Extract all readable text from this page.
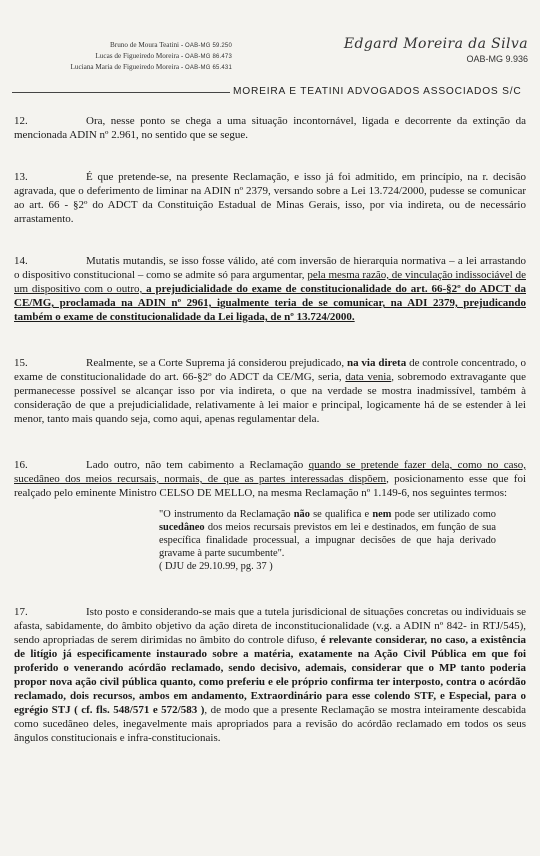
Bruno de Moura Teatini - OAB-MG 59.250
Lucas de Figueiredo Moreira - OAB-MG 86.473
Luciana Maria de Figueiredo Moreira - OAB-MG 65.431
Edgard Moreira da Silva
OAB-MG 9.936
MOREIRA E TEATINI ADVOGADOS ASSOCIADOS S/C

12.	Ora, nesse ponto se chega a uma situação incontornável, ligada e decorrente da extinção da mencionada ADIN nº 2.961, no sentido que se segue.

13.	É que pretende-se, na presente Reclamação, e isso já foi admitido, em princípio, na r. decisão agravada, que o deferimento de liminar na ADIN nº 2379, versando sobre a Lei 13.724/2000, pudesse se comunicar ao art. 66 - §2º do ADCT da Constituição Estadual de Minas Gerais, isso, por via indireta, ou de necessário arrastamento.

14.	Mutatis mutandis, se isso fosse válido, até com inversão de hierarquia normativa – a lei arrastando o dispositivo constitucional – como se admite só para argumentar, pela mesma razão, de vinculação indissociável de um dispositivo com o outro, a prejudicialidade do exame de constitucionalidade do art. 66-§2º do ADCT da CE/MG, proclamada na ADIN nº 2961, igualmente teria de se comunicar, na ADI 2379, prejudicando também o exame de constitucionalidade da Lei ligada, de nº 13.724/2000.

15.	Realmente, se a Corte Suprema já considerou prejudicado, na via direta de controle concentrado, o exame de constitucionalidade do art. 66-§2º do ADCT da CE/MG, seria, data venia, sobremodo extravagante que permanecesse possível se alcançar isso por via indireta, o que na verdade se mostra inadmissível, também à consideração de que a prejudicialidade, relativamente à lei maior e principal, logicamente há de se estender à lei menor, tanto mais quando seja, como aqui, apenas regulamentar dela.

16.	Lado outro, não tem cabimento a Reclamação quando se pretende fazer dela, como no caso, sucedâneo dos meios recursais, normais, de que as partes interessadas dispõem, posicionamento esse que foi realçado pelo eminente Ministro CELSO DE MELLO, na mesma Reclamação nº 1.149-6, nos seguintes termos:

"O instrumento da Reclamação não se qualifica e nem pode ser utilizado como sucedâneo dos meios recursais previstos em lei e destinados, em função de sua específica finalidade processual, a impugnar decisões de que haja derivado gravame à parte sucumbente".

( DJU de 29.10.99, pg. 37 )

17.	Isto posto e considerando-se mais que a tutela jurisdicional de situações concretas ou individuais se afasta, sabidamente, do âmbito objetivo da ação direta de inconstitucionalidade (v.g. a ADIN nº 842- in RTJ/545), sendo apropriadas de serem dirimidas no âmbito do controle difuso, é relevante considerar, no caso, a existência de litígio já especificamente instaurado sobre a matéria, exatamente na Ação Civil Pública em que foi proferido o venerando acórdão reclamado, sendo decisivo, ademais, considerar que o MP tanto poderia propor nova ação civil pública quanto, como preferiu e ele próprio confirma ter interposto, contra o acórdão reclamado, dois recursos, ambos em andamento, Extraordinário para esse colendo STF, e Especial, para o egrégio STJ ( cf. fls. 548/571 e 572/583 ), de modo que a presente Reclamação se mostra inteiramente descabida como sucedâneo deles, inegavelmente mais apropriados para a revisão do acórdão reclamado em todos os seus ângulos constitucionais e infra-constitucionais.
